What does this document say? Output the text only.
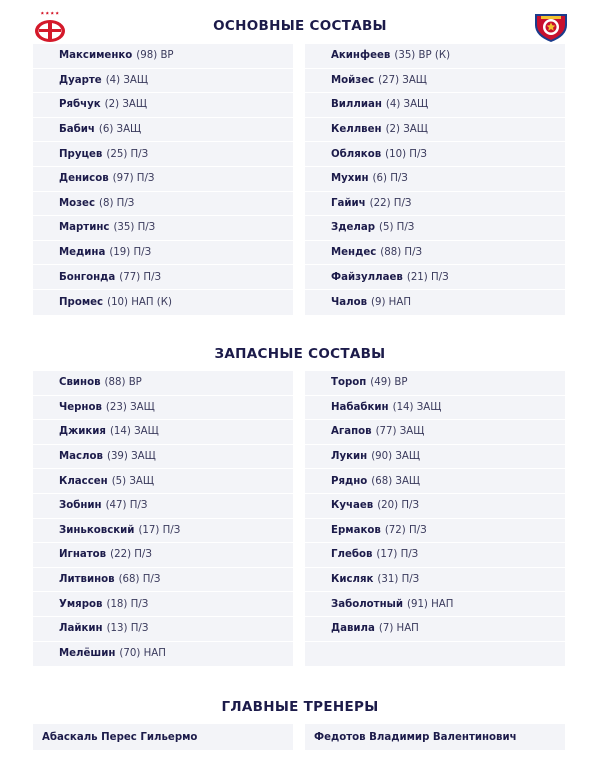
ОСНОВНЫЕ СОСТАВЫ
Максименко (98) ВР
Дуарте (4) ЗАЩ
Рябчук (2) ЗАЩ
Бабич (6) ЗАЩ
Пруцев (25) П/З
Денисов (97) П/З
Мозес (8) П/З
Мартинс (35) П/З
Медина (19) П/З
Бонгонда (77) П/З
Промес (10) НАП (К)
Акинфеев (35) ВР (К)
Мойзес (27) ЗАЩ
Виллиан (4) ЗАЩ
Келлвен (2) ЗАЩ
Обляков (10) П/З
Мухин (6) П/З
Гайич (22) П/З
Зделар (5) П/З
Мендес (88) П/З
Файзуллаев (21) П/З
Чалов (9) НАП
ЗАПАСНЫЕ СОСТАВЫ
Свинов (88) ВР
Чернов (23) ЗАЩ
Джикия (14) ЗАЩ
Маслов (39) ЗАЩ
Классен (5) ЗАЩ
Зобнин (47) П/З
Зиньковский (17) П/З
Игнатов (22) П/З
Литвинов (68) П/З
Умяров (18) П/З
Лайкин (13) П/З
Мелёшин (70) НАП
Тороп (49) ВР
Набабкин (14) ЗАЩ
Агапов (77) ЗАЩ
Лукин (90) ЗАЩ
Рядно (68) ЗАЩ
Кучаев (20) П/З
Ермаков (72) П/З
Глебов (17) П/З
Кисляк (31) П/З
Заболотный (91) НАП
Давила (7) НАП
ГЛАВНЫЕ ТРЕНЕРЫ
Абаскаль Перес Гильермо	Федотов Владимир Валентинович
